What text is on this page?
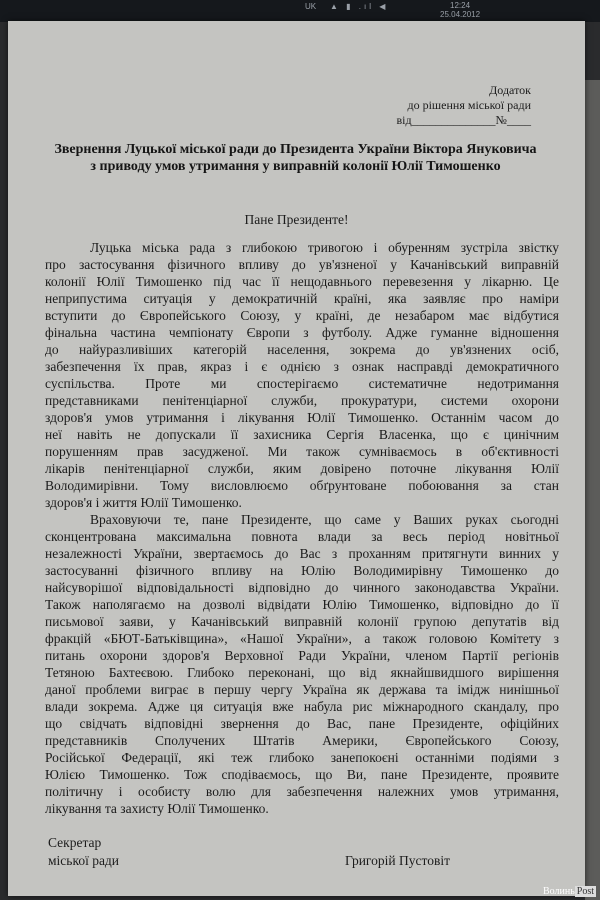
UK ▲ ▮ .ıl ◀	12:24
25.04.2012
Додаток
до рішення міської ради
від______________№____
Звернення Луцької міської ради до Президента України Віктора Януковича з приводу умов утримання у виправній колонії Юлії Тимошенко
Пане Президенте!
Луцька міська рада з глибокою тривогою і обуренням зустріла звістку
про застосування фізичного впливу до ув'язненої у Качанівський виправній
колонії Юлії Тимошенко під час її нещодавнього перевезення у лікарню. Це
неприпустима ситуація у демократичній країні, яка заявляє про наміри
вступити до Європейського Союзу, у країні, де незабаром має відбутися
фінальна частина чемпіонату Європи з футболу. Адже гуманне відношення
до найуразливіших категорій населення, зокрема до ув'язнених осіб,
забезпечення їх прав, якраз і є однією з ознак насправді демократичного
суспільства. Проте ми спостерігаємо систематичне недотримання
представниками пенітенціарної служби, прокуратури, системи охорони
здоров'я умов утримання і лікування Юлії Тимошенко. Останнім часом до
неї навіть не допускали її захисника Сергія Власенка, що є цинічним
порушенням прав засудженої. Ми також сумніваємось в об'єктивності
лікарів пенітенціарної служби, яким довірено поточне лікування Юлії
Володимирівни. Тому висловлюємо обґрунтоване побоювання за стан
здоров'я і життя Юлії Тимошенко.
Враховуючи те, пане Президенте, що саме у Ваших руках сьогодні
сконцентрована максимальна повнота влади за весь період новітньої
незалежності України, звертаємось до Вас з проханням притягнути винних у
застосуванні фізичного впливу на Юлію Володимирівну Тимошенко до
найсуворішої відповідальності відповідно до чинного законодавства України.
Також наполягаємо на дозволі відвідати Юлію Тимошенко, відповідно до її
письмової заяви, у Качанівський виправній колонії групою депутатів від
фракцій «БЮТ-Батьківщина», «Нашої України», а також головою Комітету з
питань охорони здоров'я Верховної Ради України, членом Партії регіонів
Тетяною Бахтеєвою. Глибоко переконані, що від якнайшвидшого вирішення
даної проблеми виграє в першу чергу Україна як держава та імідж нинішньої
влади зокрема. Адже ця ситуація вже набула рис міжнародного скандалу, про
що свідчать відповідні звернення до Вас, пане Президенте, офіційних
представників Сполучених Штатів Америки, Європейського Союзу,
Російської Федерації, які теж глибоко занепокоєні останніми подіями з
Юлією Тимошенко. Тож сподіваємось, що Ви, пане Президенте, проявите
політичну і особисту волю для забезпечення належних умов утримання,
лікування та захисту Юлії Тимошенко.
Секретар
міської ради	Григорій Пустовіт
Волинь Post
